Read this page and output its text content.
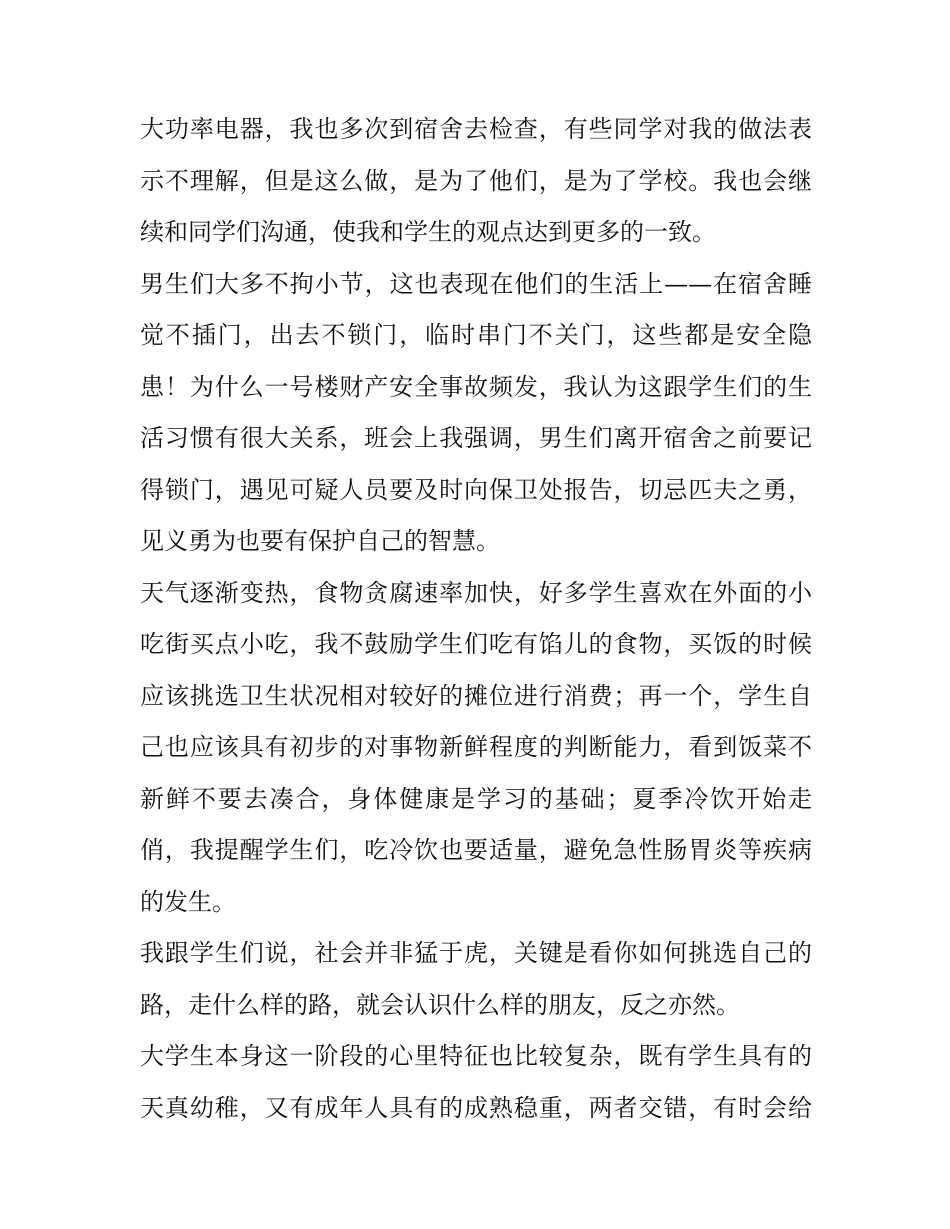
大功率电器，我也多次到宿舍去检查，有些同学对我的做法表
示不理解，但是这么做，是为了他们，是为了学校。我也会继
续和同学们沟通，使我和学生的观点达到更多的一致。
男生们大多不拘小节，这也表现在他们的生活上——在宿舍睡
觉不插门，出去不锁门，临时串门不关门，这些都是安全隐
患！为什么一号楼财产安全事故频发，我认为这跟学生们的生
活习惯有很大关系，班会上我强调，男生们离开宿舍之前要记
得锁门，遇见可疑人员要及时向保卫处报告，切忌匹夫之勇，
见义勇为也要有保护自己的智慧。
天气逐渐变热，食物贪腐速率加快，好多学生喜欢在外面的小
吃街买点小吃，我不鼓励学生们吃有馅儿的食物，买饭的时候
应该挑选卫生状况相对较好的摊位进行消费；再一个，学生自
己也应该具有初步的对事物新鲜程度的判断能力，看到饭菜不
新鲜不要去凑合，身体健康是学习的基础；夏季冷饮开始走
俏，我提醒学生们，吃冷饮也要适量，避免急性肠胃炎等疾病
的发生。
我跟学生们说，社会并非猛于虎，关键是看你如何挑选自己的
路，走什么样的路，就会认识什么样的朋友，反之亦然。
大学生本身这一阶段的心里特征也比较复杂，既有学生具有的
天真幼稚，又有成年人具有的成熟稳重，两者交错，有时会给
